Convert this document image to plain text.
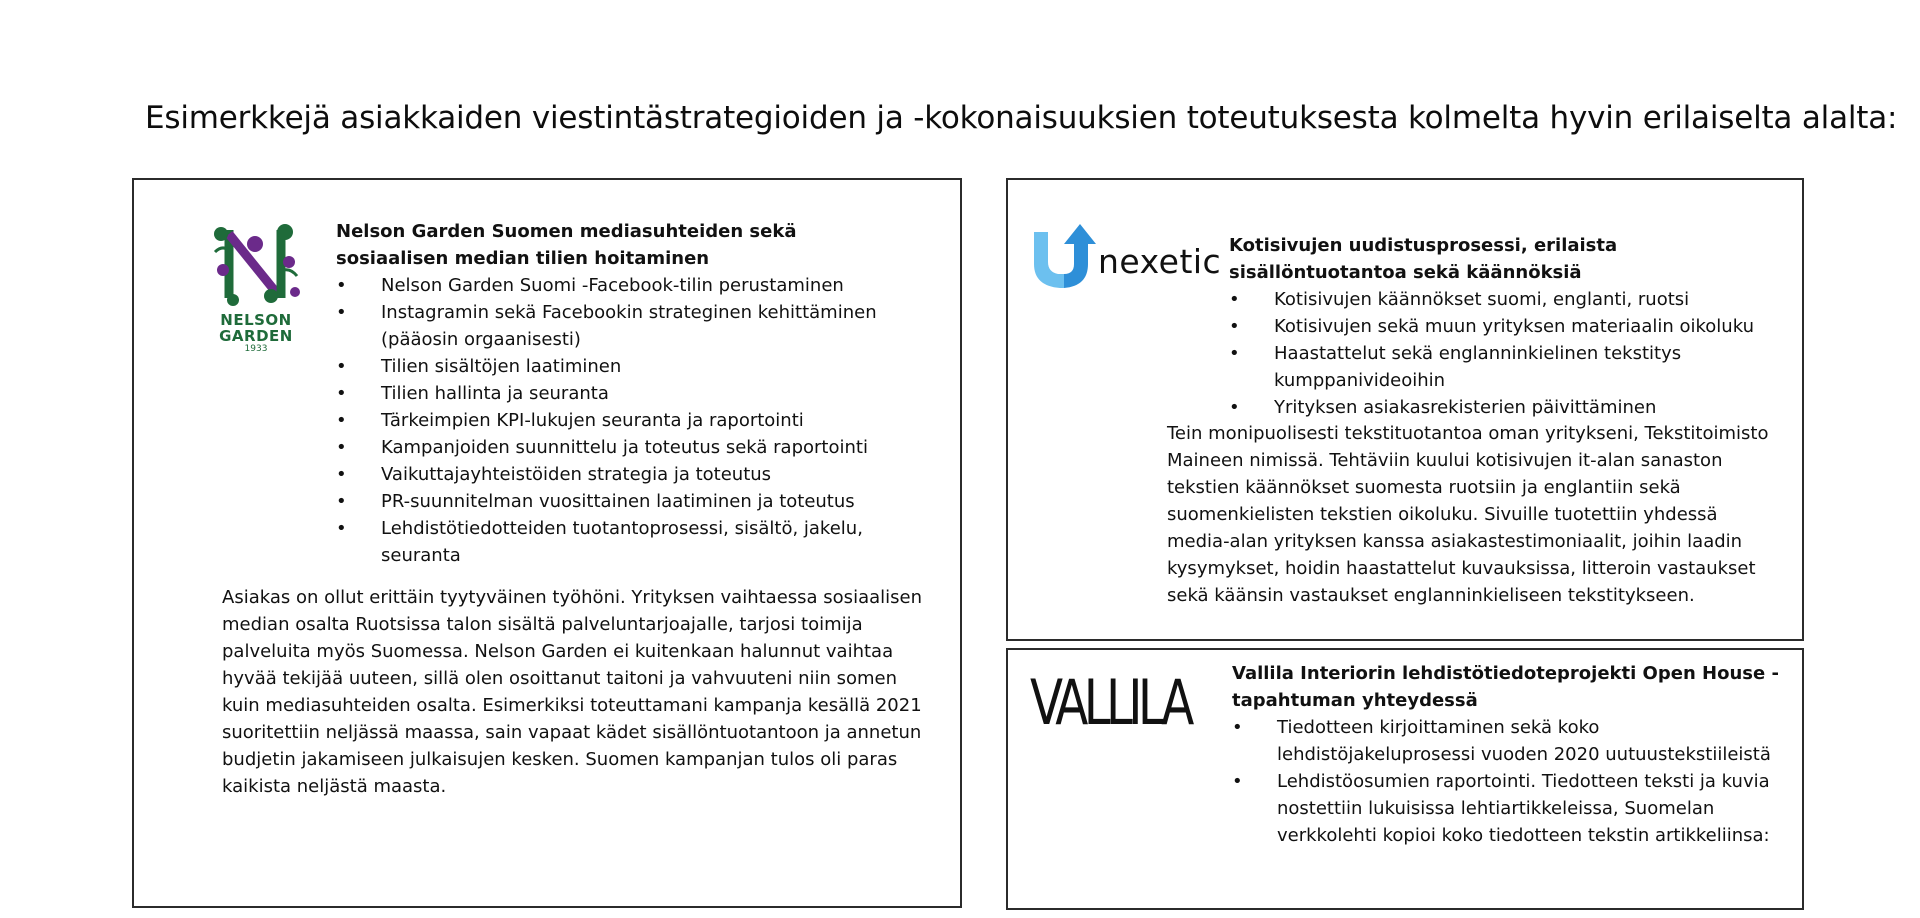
Esimerkkejä asiakkaiden viestintästrategioiden ja -kokonaisuuksien toteutuksesta kolmelta hyvin erilaiselta alalta:
NELSON GARDEN
1933
Nelson Garden Suomen mediasuhteiden sekä sosiaalisen median tilien hoitaminen
• Nelson Garden Suomi -Facebook-tilin perustaminen
• Instagramin sekä Facebookin strateginen kehittäminen (pääosin orgaanisesti)
• Tilien sisältöjen laatiminen
• Tilien hallinta ja seuranta
• Tärkeimpien KPI-lukujen seuranta ja raportointi
• Kampanjoiden suunnittelu ja toteutus sekä raportointi
• Vaikuttajayhteistöiden strategia ja toteutus
• PR-suunnitelman vuosittainen laatiminen ja toteutus
• Lehdistötiedotteiden tuotantoprosessi, sisältö, jakelu, seuranta
Asiakas on ollut erittäin tyytyväinen työhöni. Yrityksen vaihtaessa sosiaalisen median osalta Ruotsissa talon sisältä palveluntarjoajalle, tarjosi toimija palveluita myös Suomessa. Nelson Garden ei kuitenkaan halunnut vaihtaa hyvää tekijää uuteen, sillä olen osoittanut taitoni ja vahvuuteni niin somen kuin mediasuhteiden osalta. Esimerkiksi toteuttamani kampanja kesällä 2021 suoritettiin neljässä maassa, sain vapaat kädet sisällöntuotantoon ja annetun budjetin jakamiseen julkaisujen kesken. Suomen kampanjan tulos oli paras kaikista neljästä maasta.
nexetic Kotisivujen uudistusprosessi, erilaista sisällöntuotantoa sekä käännöksiä
• Kotisivujen käännökset suomi, englanti, ruotsi
• Kotisivujen sekä muun yrityksen materiaalin oikoluku
• Haastattelut sekä englanninkielinen tekstitys kumppanivideoihin
• Yrityksen asiakasrekisterien päivittäminen
Tein monipuolisesti tekstituotantoa oman yritykseni, Tekstitoimisto Maineen nimissä. Tehtäviin kuului kotisivujen it-alan sanaston tekstien käännökset suomesta ruotsiin ja englantiin sekä suomenkielisten tekstien oikoluku. Sivuille tuotettiin yhdessä media-alan yrityksen kanssa asiakastestimoniaalit, joihin laadin kysymykset, hoidin haastattelut kuvauksissa, litteroin vastaukset sekä käänsin vastaukset englanninkieliseen tekstitykseen.
VALLILA Vallila Interiorin lehdistötiedoteprojekti Open House -tapahtuman yhteydessä
• Tiedotteen kirjoittaminen sekä koko lehdistöjakeluprosessi vuoden 2020 uutuustekstiileistä
• Lehdistöosumien raportointi. Tiedotteen teksti ja kuvia nostettiin lukuisissa lehtiartikkeleissa, Suomelan verkkolehti kopioi koko tiedotteen tekstin artikkeliinsa:
